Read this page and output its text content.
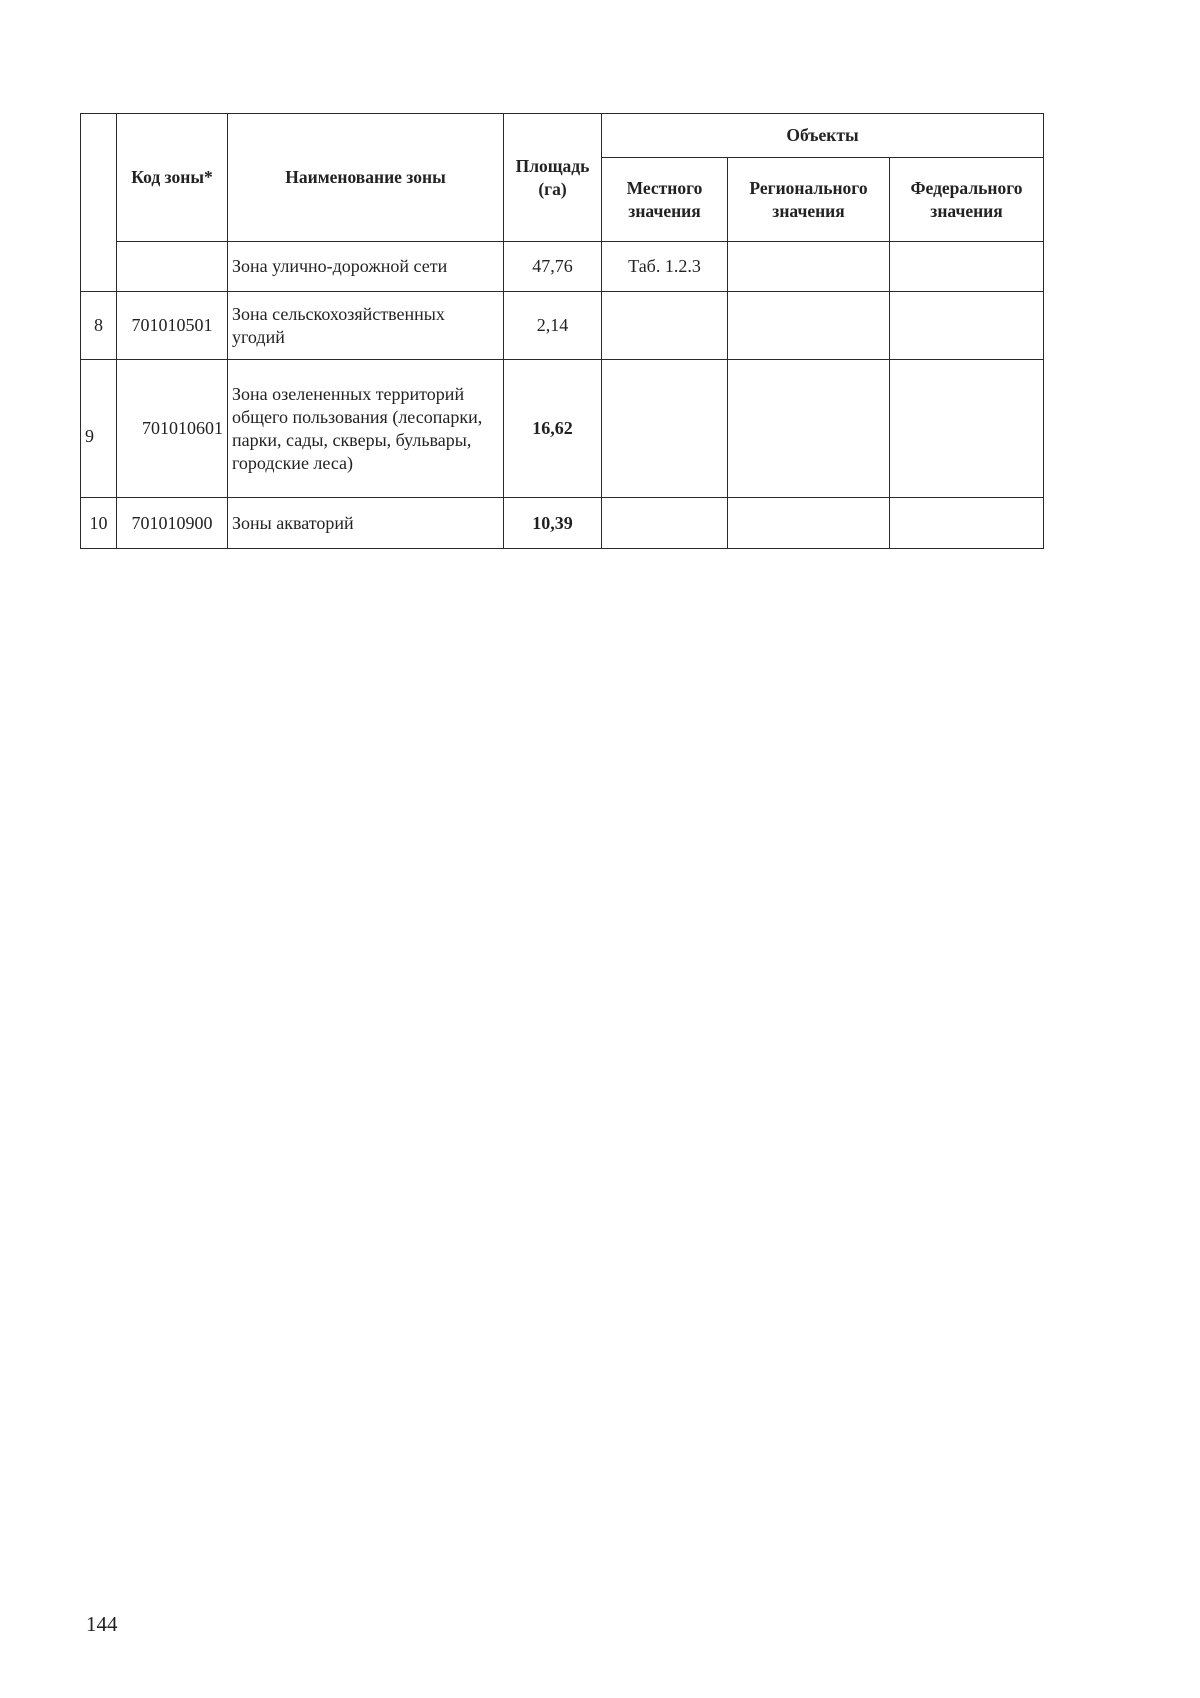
	Код зоны*	Наименование зоны	Площадь (га)	Объекты		
				Местного значения	Регионального значения	Федерального значения
		Зона улично-дорожной сети	47,76	Таб. 1.2.3		
8	701010501	Зона сельскохозяйственных угодий	2,14			
9	701010601	Зона озелененных территорий общего пользования (лесопарки, парки, сады, скверы, бульвары, городские леса)	16,62			
10	701010900	Зоны акваторий	10,39			
144
